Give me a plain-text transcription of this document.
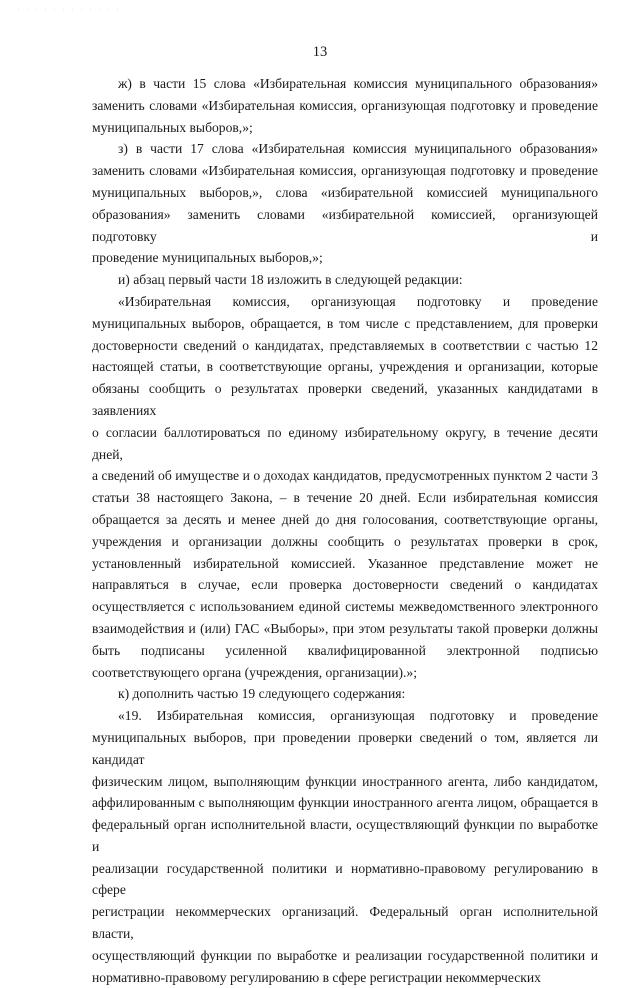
. . . . . . . . . . . .
13

ж) в части 15 слова «Избирательная комиссия муниципального образования»
заменить словами «Избирательная комиссия, организующая подготовку и проведение
муниципальных выборов,»;

з) в части 17 слова «Избирательная комиссия муниципального образования»
заменить словами «Избирательная комиссия, организующая подготовку и проведение
муниципальных выборов,», слова «избирательной комиссией муниципального
образования» заменить словами «избирательной комиссией, организующей подготовку и
проведение муниципальных выборов,»;

и) абзац первый части 18 изложить в следующей редакции:

«Избирательная комиссия, организующая подготовку и проведение
муниципальных выборов, обращается, в том числе с представлением, для проверки
достоверности сведений о кандидатах, представляемых в соответствии с частью 12
настоящей статьи, в соответствующие органы, учреждения и организации, которые
обязаны сообщить о результатах проверки сведений, указанных кандидатами в заявлениях
о согласии баллотироваться по единому избирательному округу, в течение десяти дней,
а сведений об имуществе и о доходах кандидатов, предусмотренных пунктом 2 части 3
статьи 38 настоящего Закона, – в течение 20 дней. Если избирательная комиссия
обращается за десять и менее дней до дня голосования, соответствующие органы,
учреждения и организации должны сообщить о результатах проверки в срок,
установленный избирательной комиссией. Указанное представление может не
направляться в случае, если проверка достоверности сведений о кандидатах
осуществляется с использованием единой системы межведомственного электронного
взаимодействия и (или) ГАС «Выборы», при этом результаты такой проверки должны
быть подписаны усиленной квалифицированной электронной подписью
соответствующего органа (учреждения, организации).»;

к) дополнить частью 19 следующего содержания:

«19. Избирательная комиссия, организующая подготовку и проведение
муниципальных выборов, при проведении проверки сведений о том, является ли кандидат
физическим лицом, выполняющим функции иностранного агента, либо кандидатом,
аффилированным с выполняющим функции иностранного агента лицом, обращается в
федеральный орган исполнительной власти, осуществляющий функции по выработке и
реализации государственной политики и нормативно-правовому регулированию в сфере
регистрации некоммерческих организаций. Федеральный орган исполнительной власти,
осуществляющий функции по выработке и реализации государственной политики и
нормативно-правовому регулированию в сфере регистрации некоммерческих
